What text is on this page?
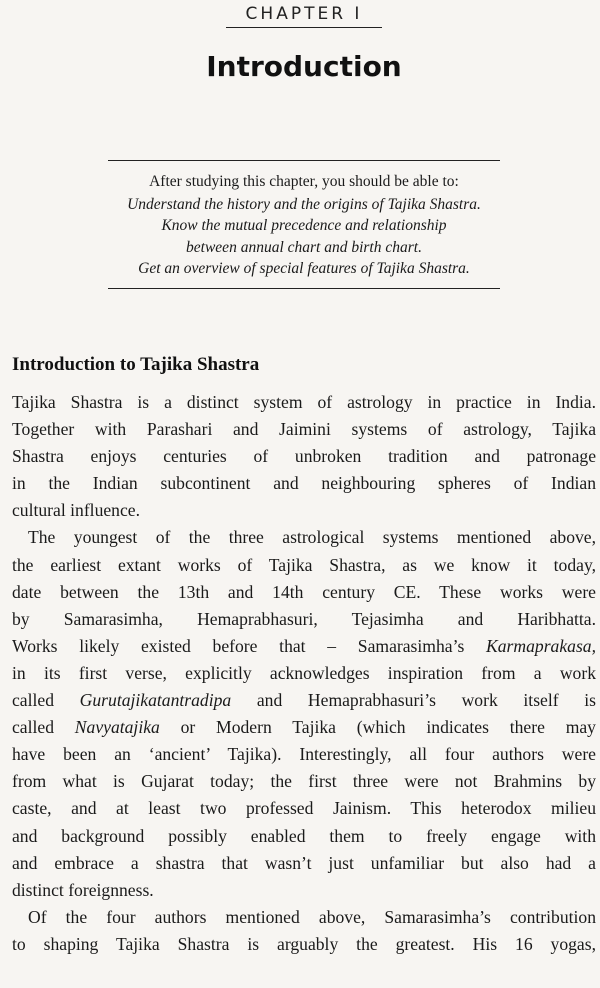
CHAPTER I
Introduction
After studying this chapter, you should be able to:
Understand the history and the origins of Tajika Shastra.
Know the mutual precedence and relationship
between annual chart and birth chart.
Get an overview of special features of Tajika Shastra.
Introduction to Tajika Shastra
Tajika Shastra is a distinct system of astrology in practice in India.
Together with Parashari and Jaimini systems of astrology, Tajika
Shastra enjoys centuries of unbroken tradition and patronage
in the Indian subcontinent and neighbouring spheres of Indian
cultural influence.
The youngest of the three astrological systems mentioned above,
the earliest extant works of Tajika Shastra, as we know it today,
date between the 13th and 14th century CE. These works were
by Samarasimha, Hemaprabhasuri, Tejasimha and Haribhatta.
Works likely existed before that – Samarasimha’s Karmaprakasa,
in its first verse, explicitly acknowledges inspiration from a work
called Gurutajikatantradipa and Hemaprabhasuri’s work itself is
called Navyatajika or Modern Tajika (which indicates there may
have been an ‘ancient’ Tajika). Interestingly, all four authors were
from what is Gujarat today; the first three were not Brahmins by
caste, and at least two professed Jainism. This heterodox milieu
and background possibly enabled them to freely engage with
and embrace a shastra that wasn’t just unfamiliar but also had a
distinct foreignness.
Of the four authors mentioned above, Samarasimha’s contribution
to shaping Tajika Shastra is arguably the greatest. His 16 yogas,
